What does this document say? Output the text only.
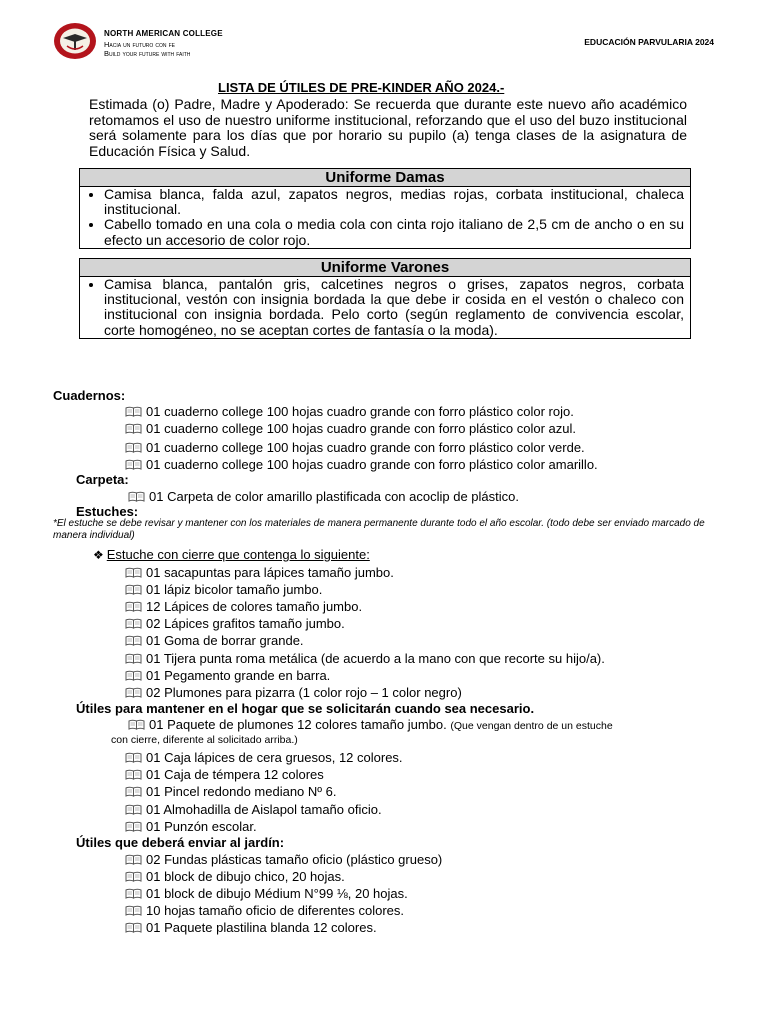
NORTH AMERICAN COLLEGE
Hacia un futuro con fe
Build your future with faith
EDUCACIÓN PARVULARIA 2024
LISTA DE ÚTILES DE PRE-KINDER AÑO 2024.-
Estimada (o) Padre, Madre y Apoderado: Se recuerda que durante este nuevo año académico retomamos el uso de nuestro uniforme institucional, reforzando que el uso del buzo institucional será solamente para los días que por horario su pupilo (a) tenga clases de la asignatura de Educación Física y Salud.
Uniforme Damas
• Camisa blanca, falda azul, zapatos negros, medias rojas, corbata institucional, chaleca institucional.
• Cabello tomado en una cola o media cola con cinta rojo italiano de 2,5 cm de ancho o en su efecto un accesorio de color rojo.
Uniforme Varones
• Camisa blanca, pantalón gris, calcetines negros o grises, zapatos negros, corbata institucional, vestón con insignia bordada la que debe ir cosida en el vestón o chaleco con institucional con insignia bordada. Pelo corto (según reglamento de convivencia escolar, corte homogéneo, no se aceptan cortes de fantasía o la moda).
Cuadernos:
01 cuaderno college 100 hojas cuadro grande con forro plástico color rojo.
01 cuaderno college 100 hojas cuadro grande con forro plástico color azul.
01 cuaderno college 100 hojas cuadro grande con forro plástico color verde.
01 cuaderno college 100 hojas cuadro grande con forro plástico color amarillo.
Carpeta:
01 Carpeta de color amarillo plastificada con acoclip de plástico.
Estuches:
*El estuche se debe revisar y mantener con los materiales de manera permanente durante todo el año escolar. (todo debe ser enviado marcado de manera individual)
❖ Estuche con cierre que contenga lo siguiente:
01 sacapuntas para lápices tamaño jumbo.
01 lápiz bicolor tamaño jumbo.
12 Lápices de colores tamaño jumbo.
02 Lápices grafitos tamaño jumbo.
01 Goma de borrar grande.
01 Tijera punta roma metálica (de acuerdo a la mano con que recorte su hijo/a).
01 Pegamento grande en barra.
02 Plumones para pizarra (1 color rojo – 1 color negro)
Útiles para mantener en el hogar que se solicitarán cuando sea necesario.
01 Paquete de plumones 12 colores tamaño jumbo. (Que vengan dentro de un estuche
con cierre, diferente al solicitado arriba.)
01 Caja lápices de cera gruesos, 12 colores.
01 Caja de témpera 12 colores
01 Pincel redondo mediano Nº 6.
01 Almohadilla de Aislapol tamaño oficio.
01 Punzón escolar.
Útiles que deberá enviar al jardín:
02 Fundas plásticas tamaño oficio (plástico grueso)
01 block de dibujo chico, 20 hojas.
01 block de dibujo Médium N°99 ⅛, 20 hojas.
10 hojas tamaño oficio de diferentes colores.
01 Paquete plastilina blanda 12 colores.
